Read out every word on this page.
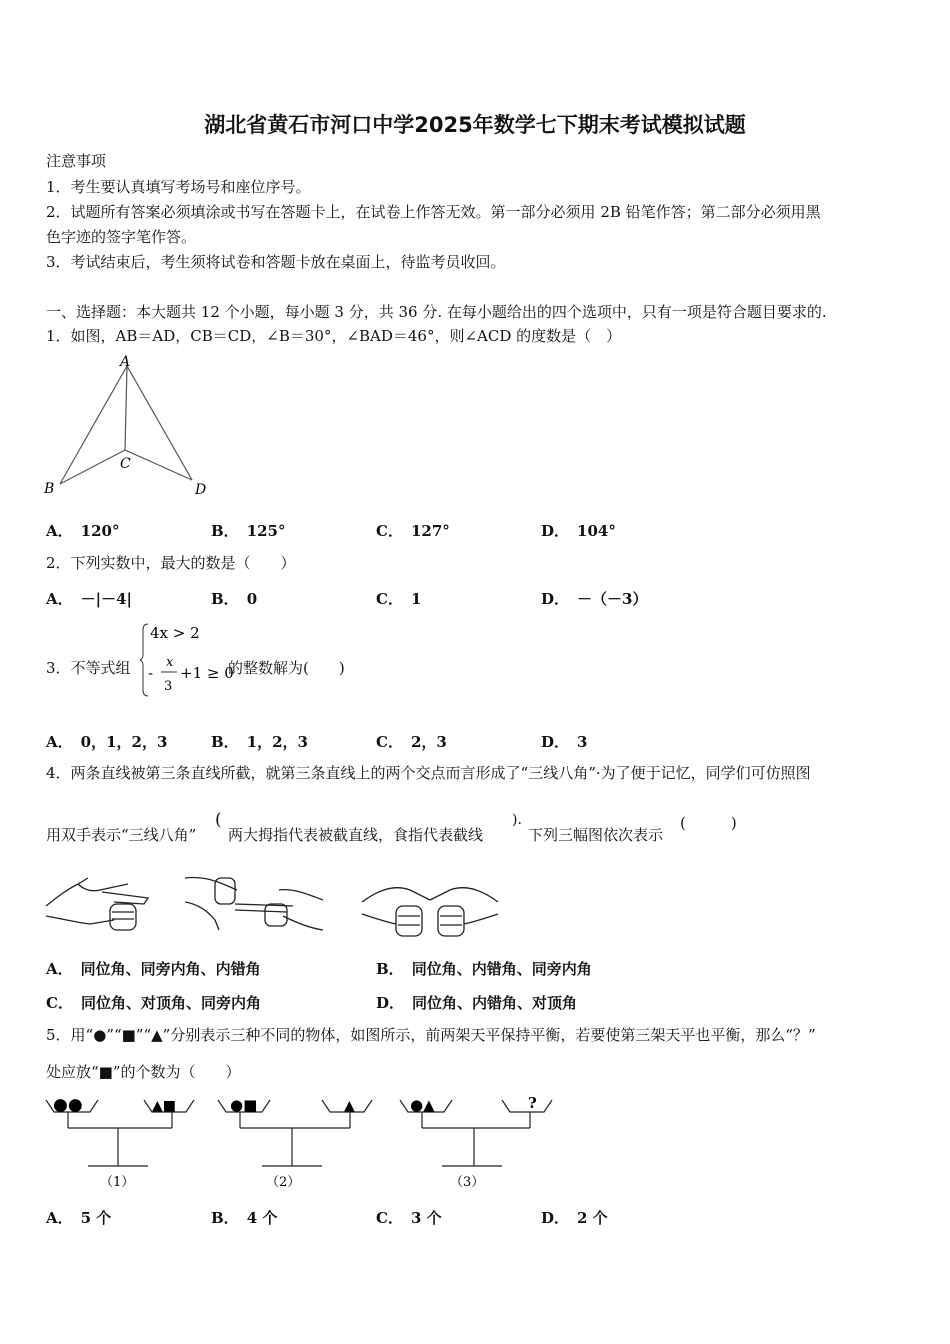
湖北省黄石市河口中学2025年数学七下期末考试模拟试题
注意事项
1．考生要认真填写考场号和座位序号。
2．试题所有答案必须填涂或书写在答题卡上，在试卷上作答无效。第一部分必须用 2B 铅笔作答；第二部分必须用黑
色字迹的签字笔作答。
3．考试结束后，考生须将试卷和答题卡放在桌面上，待监考员收回。
一、选择题：本大题共 12 个小题，每小题 3 分，共 36 分. 在每小题给出的四个选项中，只有一项是符合题目要求的.
1．如图，AB＝AD，CB＝CD，∠B＝30°，∠BAD＝46°，则∠ACD 的度数是（　）
A
B
C
D
A． 120°	B． 125°	C． 127°	D． 104°
2．下列实数中，最大的数是（　　）
A． －|－4|	B． 0	C． 1	D． －（－3）
3．不等式组
4x > 2
-
x
3
+1 ≥ 0
的整数解为(　　)
A． 0，1，2，3	B． 1，2，3	C． 2，3	D． 3
4．两条直线被第三条直线所截，就第三条直线上的两个交点而言形成了“三线八角”·为了便于记忆，同学们可仿照图
用双手表示“三线八角”
(
两大拇指代表被截直线，食指代表截线
).
下列三幅图依次表示
(　　　)
A． 同位角、同旁内角、内错角	B． 同位角、内错角、同旁内角
C． 同位角、对顶角、同旁内角	D． 同位角、内错角、对顶角
5．用“●”“■”“▲”分别表示三种不同的物体，如图所示，前两架天平保持平衡，若要使第三架天平也平衡，那么“？”
处应放“■”的个数为（　　）
●●	▲■
（1）
●■	▲
（2）
●▲	?
（3）
A． 5 个	B． 4 个	C． 3 个	D． 2 个
